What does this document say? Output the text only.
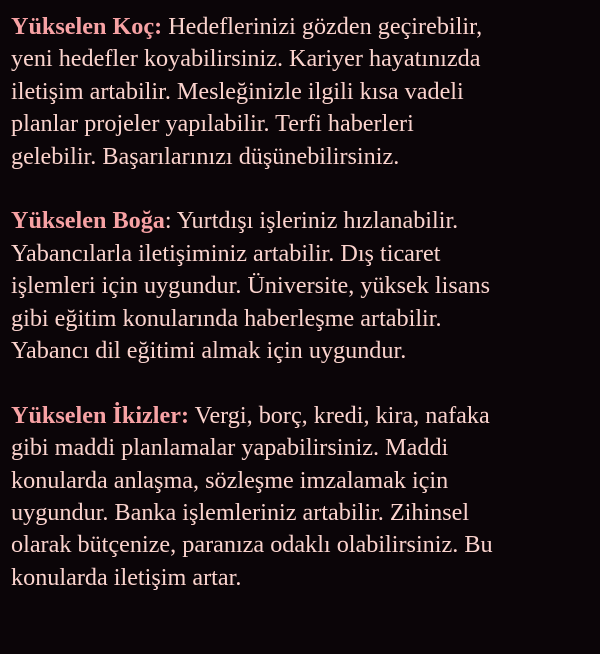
Yükselen Koç: Hedeflerinizi gözden geçirebilir,
yeni hedefler koyabilirsiniz. Kariyer hayatınızda
iletişim artabilir. Mesleğinizle ilgili kısa vadeli
planlar projeler yapılabilir. Terfi haberleri
gelebilir. Başarılarınızı düşünebilirsiniz.

Yükselen Boğa: Yurtdışı işleriniz hızlanabilir.
Yabancılarla iletişiminiz artabilir. Dış ticaret
işlemleri için uygundur. Üniversite, yüksek lisans
gibi eğitim konularında haberleşme artabilir.
Yabancı dil eğitimi almak için uygundur.

Yükselen İkizler: Vergi, borç, kredi, kira, nafaka
gibi maddi planlamalar yapabilirsiniz. Maddi
konularda anlaşma, sözleşme imzalamak için
uygundur. Banka işlemleriniz artabilir. Zihinsel
olarak bütçenize, paranıza odaklı olabilirsiniz. Bu
konularda iletişim artar.
